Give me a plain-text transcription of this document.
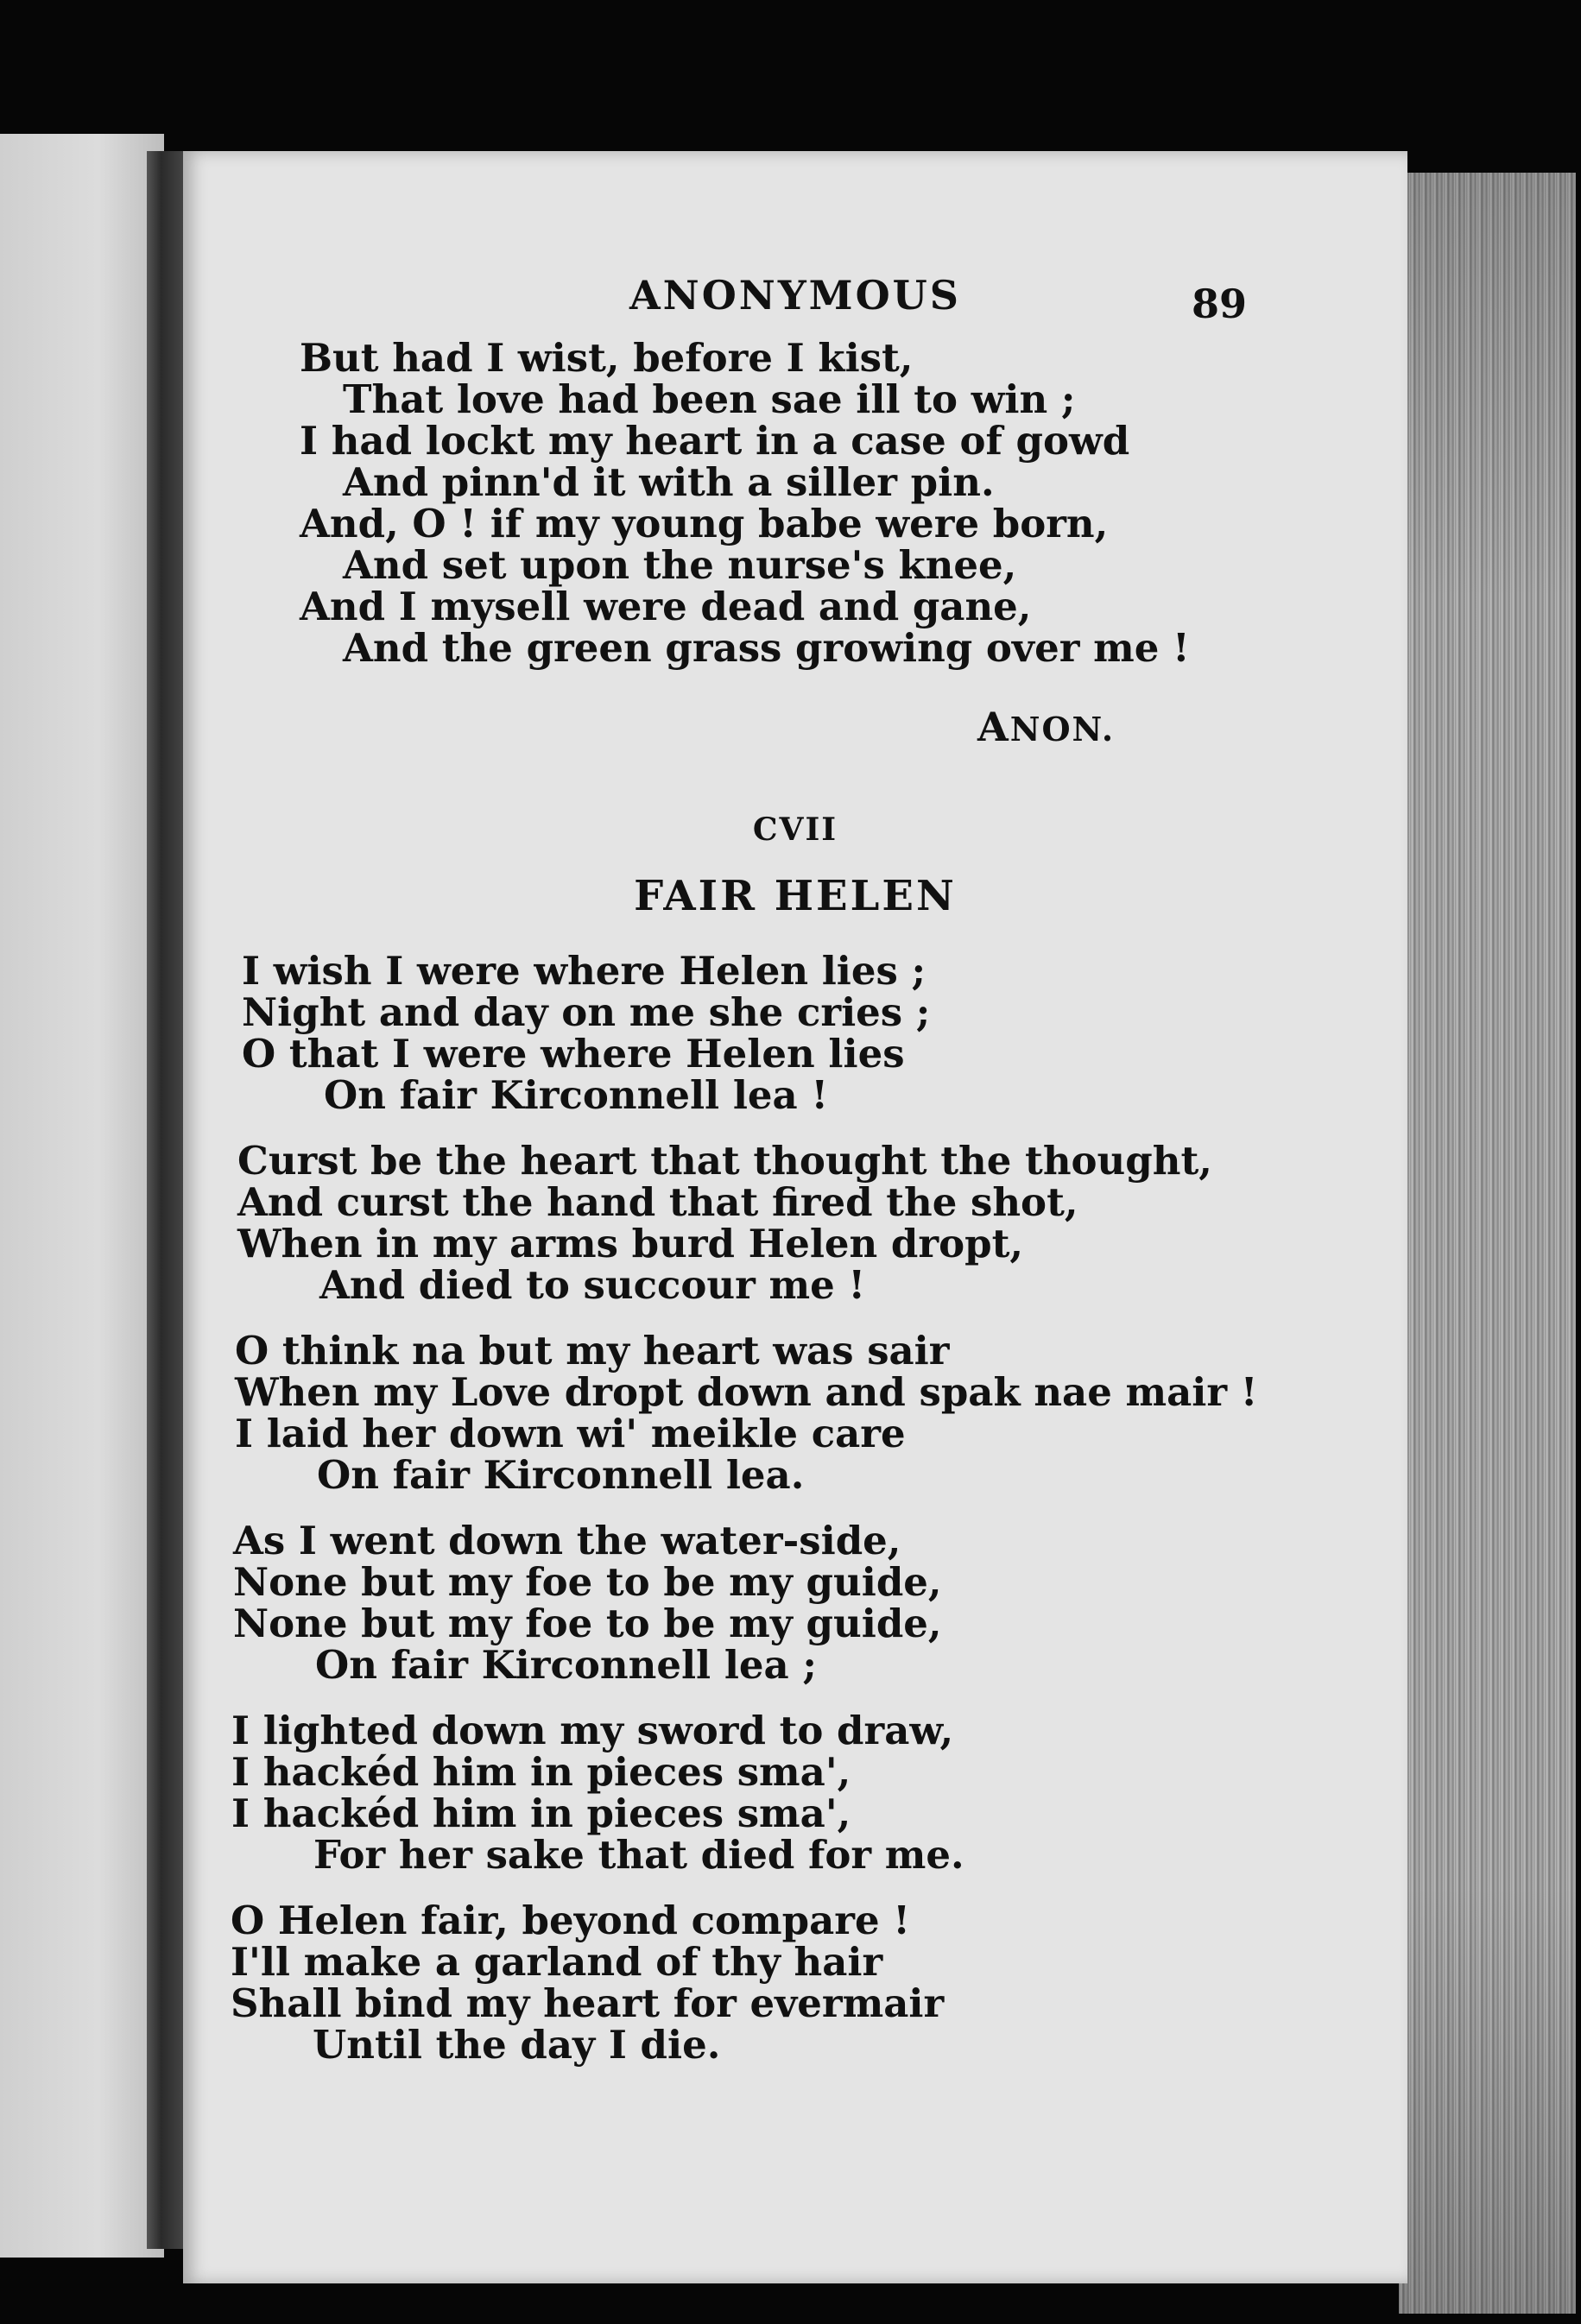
ANONYMOUS	89
But had I wist, before I kist,
That love had been sae ill to win ;
I had lockt my heart in a case of gowd
And pinn'd it with a siller pin.
And, O ! if my young babe were born,
And set upon the nurse's knee,
And I mysell were dead and gane,
And the green grass growing over me !
ANON.
CVII
FAIR HELEN
I wish I were where Helen lies ;
Night and day on me she cries ;
O that I were where Helen lies
On fair Kirconnell lea !
Curst be the heart that thought the thought,
And curst the hand that fired the shot,
When in my arms burd Helen dropt,
And died to succour me !
O think na but my heart was sair
When my Love dropt down and spak nae mair !
I laid her down wi' meikle care
On fair Kirconnell lea.
As I went down the water-side,
None but my foe to be my guide,
None but my foe to be my guide,
On fair Kirconnell lea ;
I lighted down my sword to draw,
I hackéd him in pieces sma',
I hackéd him in pieces sma',
For her sake that died for me.
O Helen fair, beyond compare !
I'll make a garland of thy hair
Shall bind my heart for evermair
Until the day I die.
